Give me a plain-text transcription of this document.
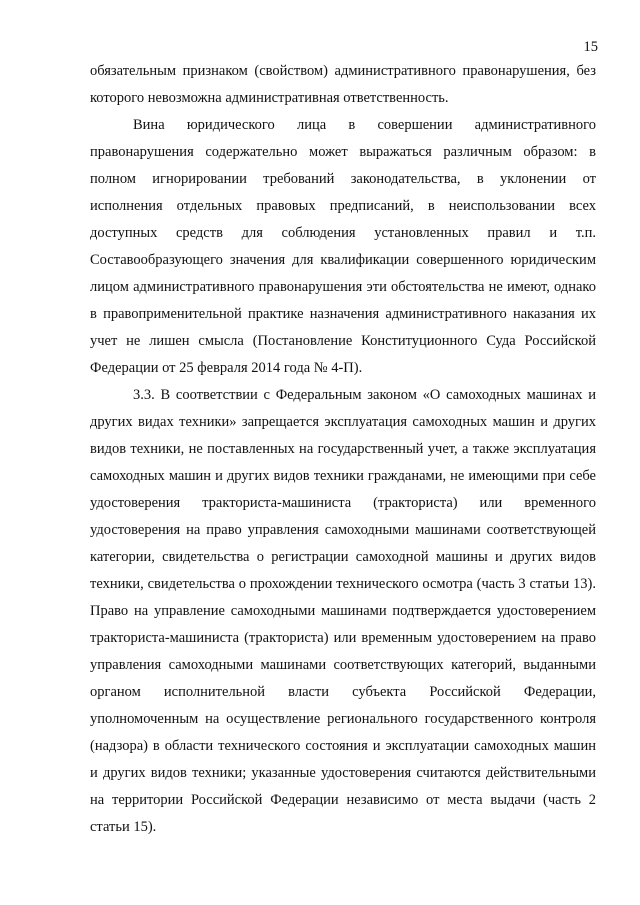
15

обязательным признаком (свойством) административного правонарушения, без которого невозможна административная ответственность.

Вина юридического лица в совершении административного правонарушения содержательно может выражаться различным образом: в полном игнорировании требований законодательства, в уклонении от исполнения отдельных правовых предписаний, в неиспользовании всех доступных средств для соблюдения установленных правил и т.п. Составообразующего значения для квалификации совершенного юридическим лицом административного правонарушения эти обстоятельства не имеют, однако в правоприменительной практике назначения административного наказания их учет не лишен смысла (Постановление Конституционного Суда Российской Федерации от 25 февраля 2014 года № 4-П).

3.3. В соответствии с Федеральным законом «О самоходных машинах и других видах техники» запрещается эксплуатация самоходных машин и других видов техники, не поставленных на государственный учет, а также эксплуатация самоходных машин и других видов техники гражданами, не имеющими при себе удостоверения тракториста-машиниста (тракториста) или временного удостоверения на право управления самоходными машинами соответствующей категории, свидетельства о регистрации самоходной машины и других видов техники, свидетельства о прохождении технического осмотра (часть 3 статьи 13). Право на управление самоходными машинами подтверждается удостоверением тракториста-машиниста (тракториста) или временным удостоверением на право управления самоходными машинами соответствующих категорий, выданными органом исполнительной власти субъекта Российской Федерации, уполномоченным на осуществление регионального государственного контроля (надзора) в области технического состояния и эксплуатации самоходных машин и других видов техники; указанные удостоверения считаются действительными на территории Российской Федерации независимо от места выдачи (часть 2 статьи 15).
